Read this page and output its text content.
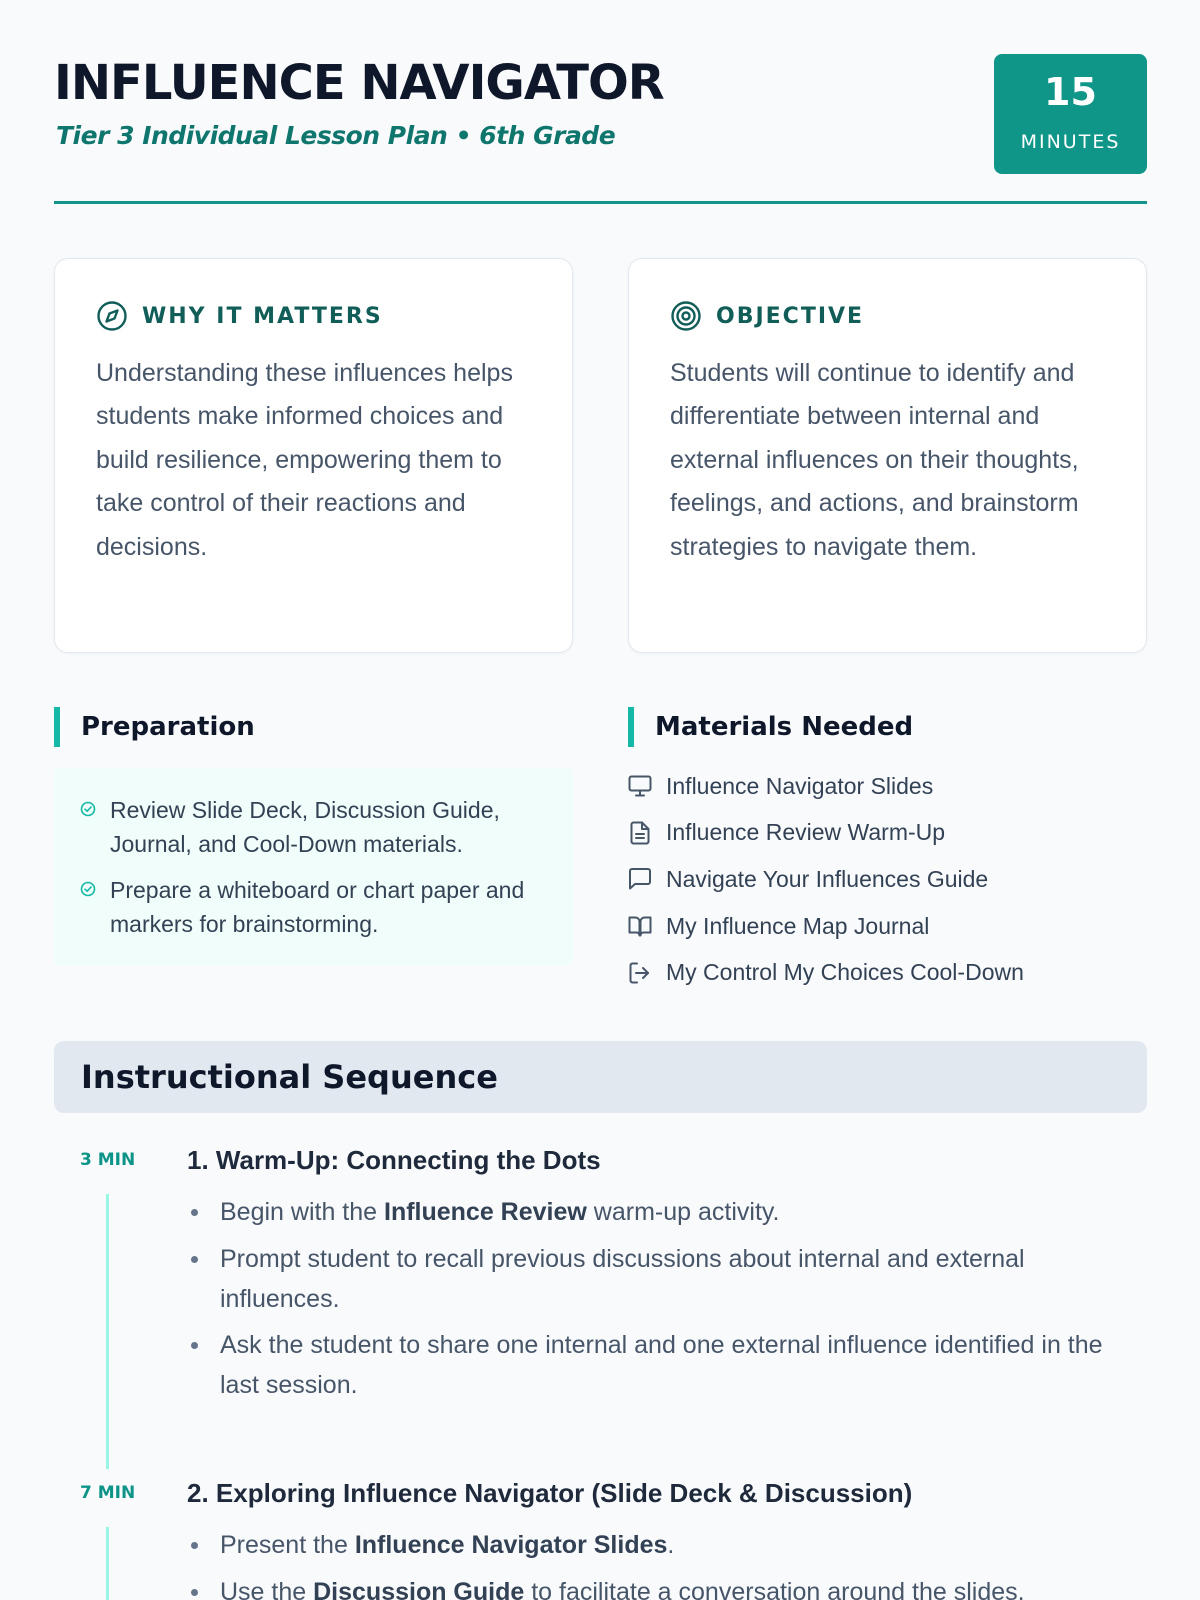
INFLUENCE NAVIGATOR
Tier 3 Individual Lesson Plan • 6th Grade
15
MINUTES
WHY IT MATTERS
Understanding these influences helps students make informed choices and build resilience, empowering them to take control of their reactions and decisions.
OBJECTIVE
Students will continue to identify and differentiate between internal and external influences on their thoughts, feelings, and actions, and brainstorm strategies to navigate them.
Preparation
Review Slide Deck, Discussion Guide, Journal, and Cool-Down materials.
Prepare a whiteboard or chart paper and markers for brainstorming.
Materials Needed
Influence Navigator Slides
Influence Review Warm-Up
Navigate Your Influences Guide
My Influence Map Journal
My Control My Choices Cool-Down
Instructional Sequence
3 MIN 1. Warm-Up: Connecting the Dots
Begin with the Influence Review warm-up activity.
Prompt student to recall previous discussions about internal and external influences.
Ask the student to share one internal and one external influence identified in the last session.
7 MIN 2. Exploring Influence Navigator (Slide Deck & Discussion)
Present the Influence Navigator Slides.
Use the Discussion Guide to facilitate a conversation around the slides.
